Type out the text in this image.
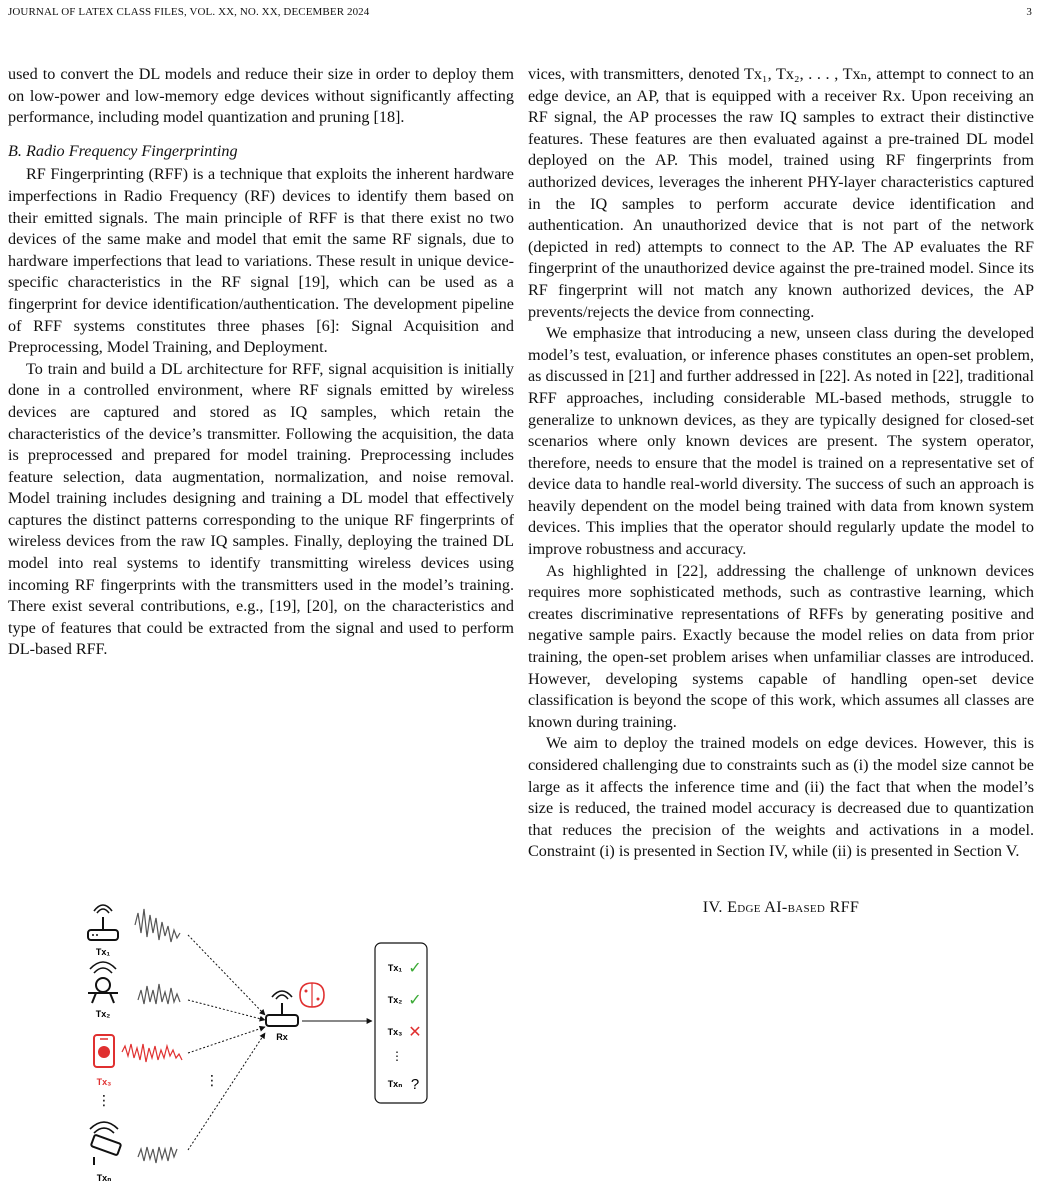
JOURNAL OF LATEX CLASS FILES, VOL. XX, NO. XX, DECEMBER 2024	3

used to convert the DL models and reduce their size in order to deploy them on low-power and low-memory edge devices without significantly affecting performance, including model quantization and pruning [18].

B. Radio Frequency Fingerprinting

RF Fingerprinting (RFF) is a technique that exploits the inherent hardware imperfections in Radio Frequency (RF) devices to identify them based on their emitted signals. The main principle of RFF is that there exist no two devices of the same make and model that emit the same RF signals, due to hardware imperfections that lead to variations. These result in unique device-specific characteristics in the RF signal [19], which can be used as a fingerprint for device identification/authentication. The development pipeline of RFF systems constitutes three phases [6]: Signal Acquisition and Preprocessing, Model Training, and Deployment.

To train and build a DL architecture for RFF, signal acquisition is initially done in a controlled environment, where RF signals emitted by wireless devices are captured and stored as IQ samples, which retain the characteristics of the device’s transmitter. Following the acquisition, the data is preprocessed and prepared for model training. Preprocessing includes feature selection, data augmentation, normalization, and noise removal. Model training includes designing and training a DL model that effectively captures the distinct patterns corresponding to the unique RF fingerprints of wireless devices from the raw IQ samples. Finally, deploying the trained DL model into real systems to identify transmitting wireless devices using incoming RF fingerprints with the transmitters used in the model’s training. There exist several contributions, e.g., [19], [20], on the characteristics and type of features that could be extracted from the signal and used to perform DL-based RFF.

vices, with transmitters, denoted Tx₁, Tx₂, . . . , Txₙ, attempt to connect to an edge device, an AP, that is equipped with a receiver Rx. Upon receiving an RF signal, the AP processes the raw IQ samples to extract their distinctive features. These features are then evaluated against a pre-trained DL model deployed on the AP. This model, trained using RF fingerprints from authorized devices, leverages the inherent PHY-layer characteristics captured in the IQ samples to perform accurate device identification and authentication. An unauthorized device that is not part of the network (depicted in red) attempts to connect to the AP. The AP evaluates the RF fingerprint of the unauthorized device against the pre-trained model. Since its RF fingerprint will not match any known authorized devices, the AP prevents/rejects the device from connecting.

We emphasize that introducing a new, unseen class during the developed model’s test, evaluation, or inference phases constitutes an open-set problem, as discussed in [21] and further addressed in [22]. As noted in [22], traditional RFF approaches, including considerable ML-based methods, struggle to generalize to unknown devices, as they are typically designed for closed-set scenarios where only known devices are present. The system operator, therefore, needs to ensure that the model is trained on a representative set of device data to handle real-world diversity. The success of such an approach is heavily dependent on the model being trained with data from known system devices. This implies that the operator should regularly update the model to improve robustness and accuracy.

As highlighted in [22], addressing the challenge of unknown devices requires more sophisticated methods, such as contrastive learning, which creates discriminative representations of RFFs by generating positive and negative sample pairs. Exactly because the model relies on data from prior training, the open-set problem arises when unfamiliar classes are introduced. However, developing systems capable of handling open-set device classification is beyond the scope of this work, which assumes all classes are known during training.

We aim to deploy the trained models on edge devices. However, this is considered challenging due to constraints such as (i) the model size cannot be large as it affects the inference time and (ii) the fact that when the model’s size is reduced, the trained model accuracy is decreased due to quantization that reduces the precision of the weights and activations in a model. Constraint (i) is presented in Section IV, while (ii) is presented in Section V.

IV. Edge AI-based RFF
Tx₁
Tx₂
Tx₃
⋮
⋮
Txₙ
Rx
Tx₁ ✓
Tx₂ ✓
Tx₃ ✕
⋮
Txₙ ?
